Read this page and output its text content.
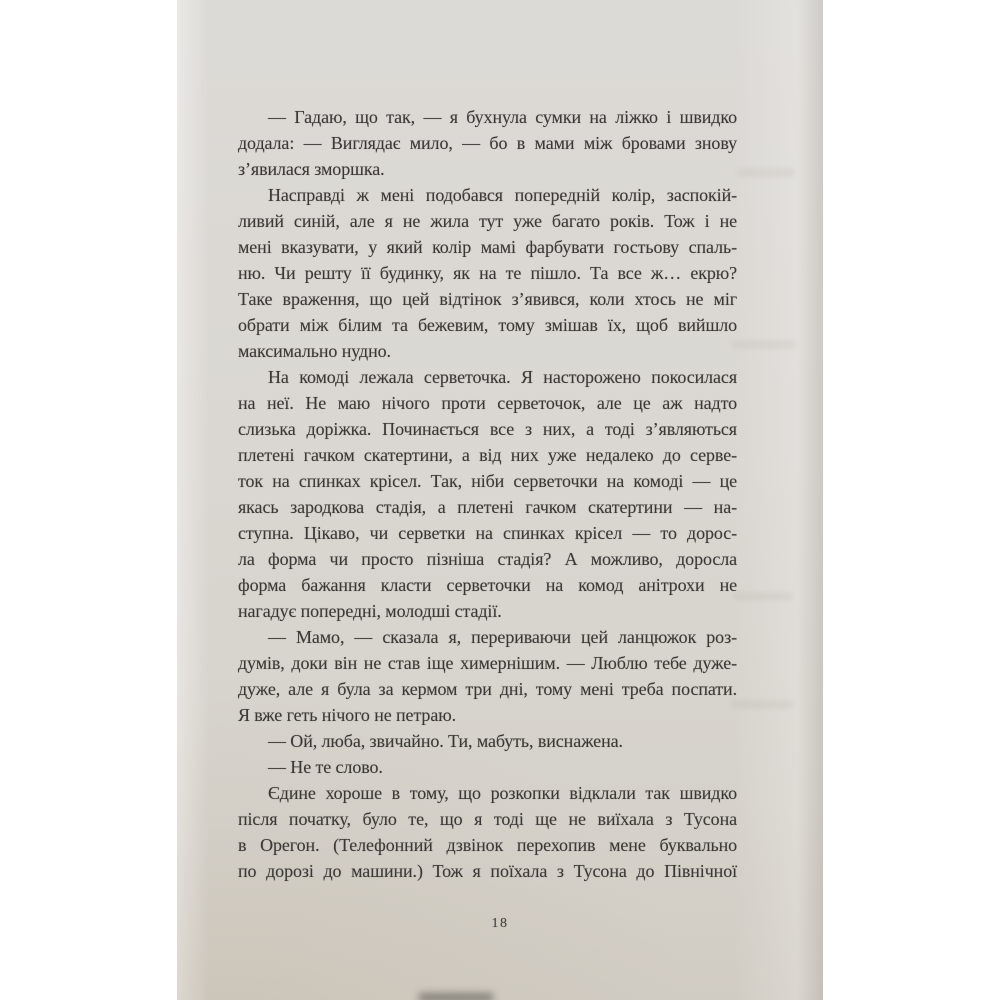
— Гадаю, що так, — я бухнула сумки на ліжко і швидко
додала: — Виглядає мило, — бо в мами між бровами знову
з’явилася зморшка.
Насправді ж мені подобався попередній колір, заспокій-
ливий синій, але я не жила тут уже багато років. Тож і не
мені вказувати, у який колір мамі фарбувати гостьову спаль-
ню. Чи решту її будинку, як на те пішло. Та все ж… екрю?
Таке враження, що цей відтінок з’явився, коли хтось не міг
обрати між білим та бежевим, тому змішав їх, щоб вийшло
максимально нудно.
На комоді лежала серветочка. Я насторожено покосилася
на неї. Не маю нічого проти серветочок, але це аж надто
слизька доріжка. Починається все з них, а тоді з’являються
плетені гачком скатертини, а від них уже недалеко до серве-
ток на спинках крісел. Так, ніби серветочки на комоді — це
якась зародкова стадія, а плетені гачком скатертини — на-
ступна. Цікаво, чи серветки на спинках крісел — то дорос-
ла форма чи просто пізніша стадія? А можливо, доросла
форма бажання класти серветочки на комод анітрохи не
нагадує попередні, молодші стадії.
— Мамо, — сказала я, перериваючи цей ланцюжок роз-
думів, доки він не став іще химернішим. — Люблю тебе дуже-
дуже, але я була за кермом три дні, тому мені треба поспати.
Я вже геть нічого не петраю.
— Ой, люба, звичайно. Ти, мабуть, виснажена.
— Не те слово.
Єдине хороше в тому, що розкопки відклали так швидко
після початку, було те, що я тоді ще не виїхала з Тусона
в Орегон. (Телефонний дзвінок перехопив мене буквально
по дорозі до машини.) Тож я поїхала з Тусона до Північної
18
